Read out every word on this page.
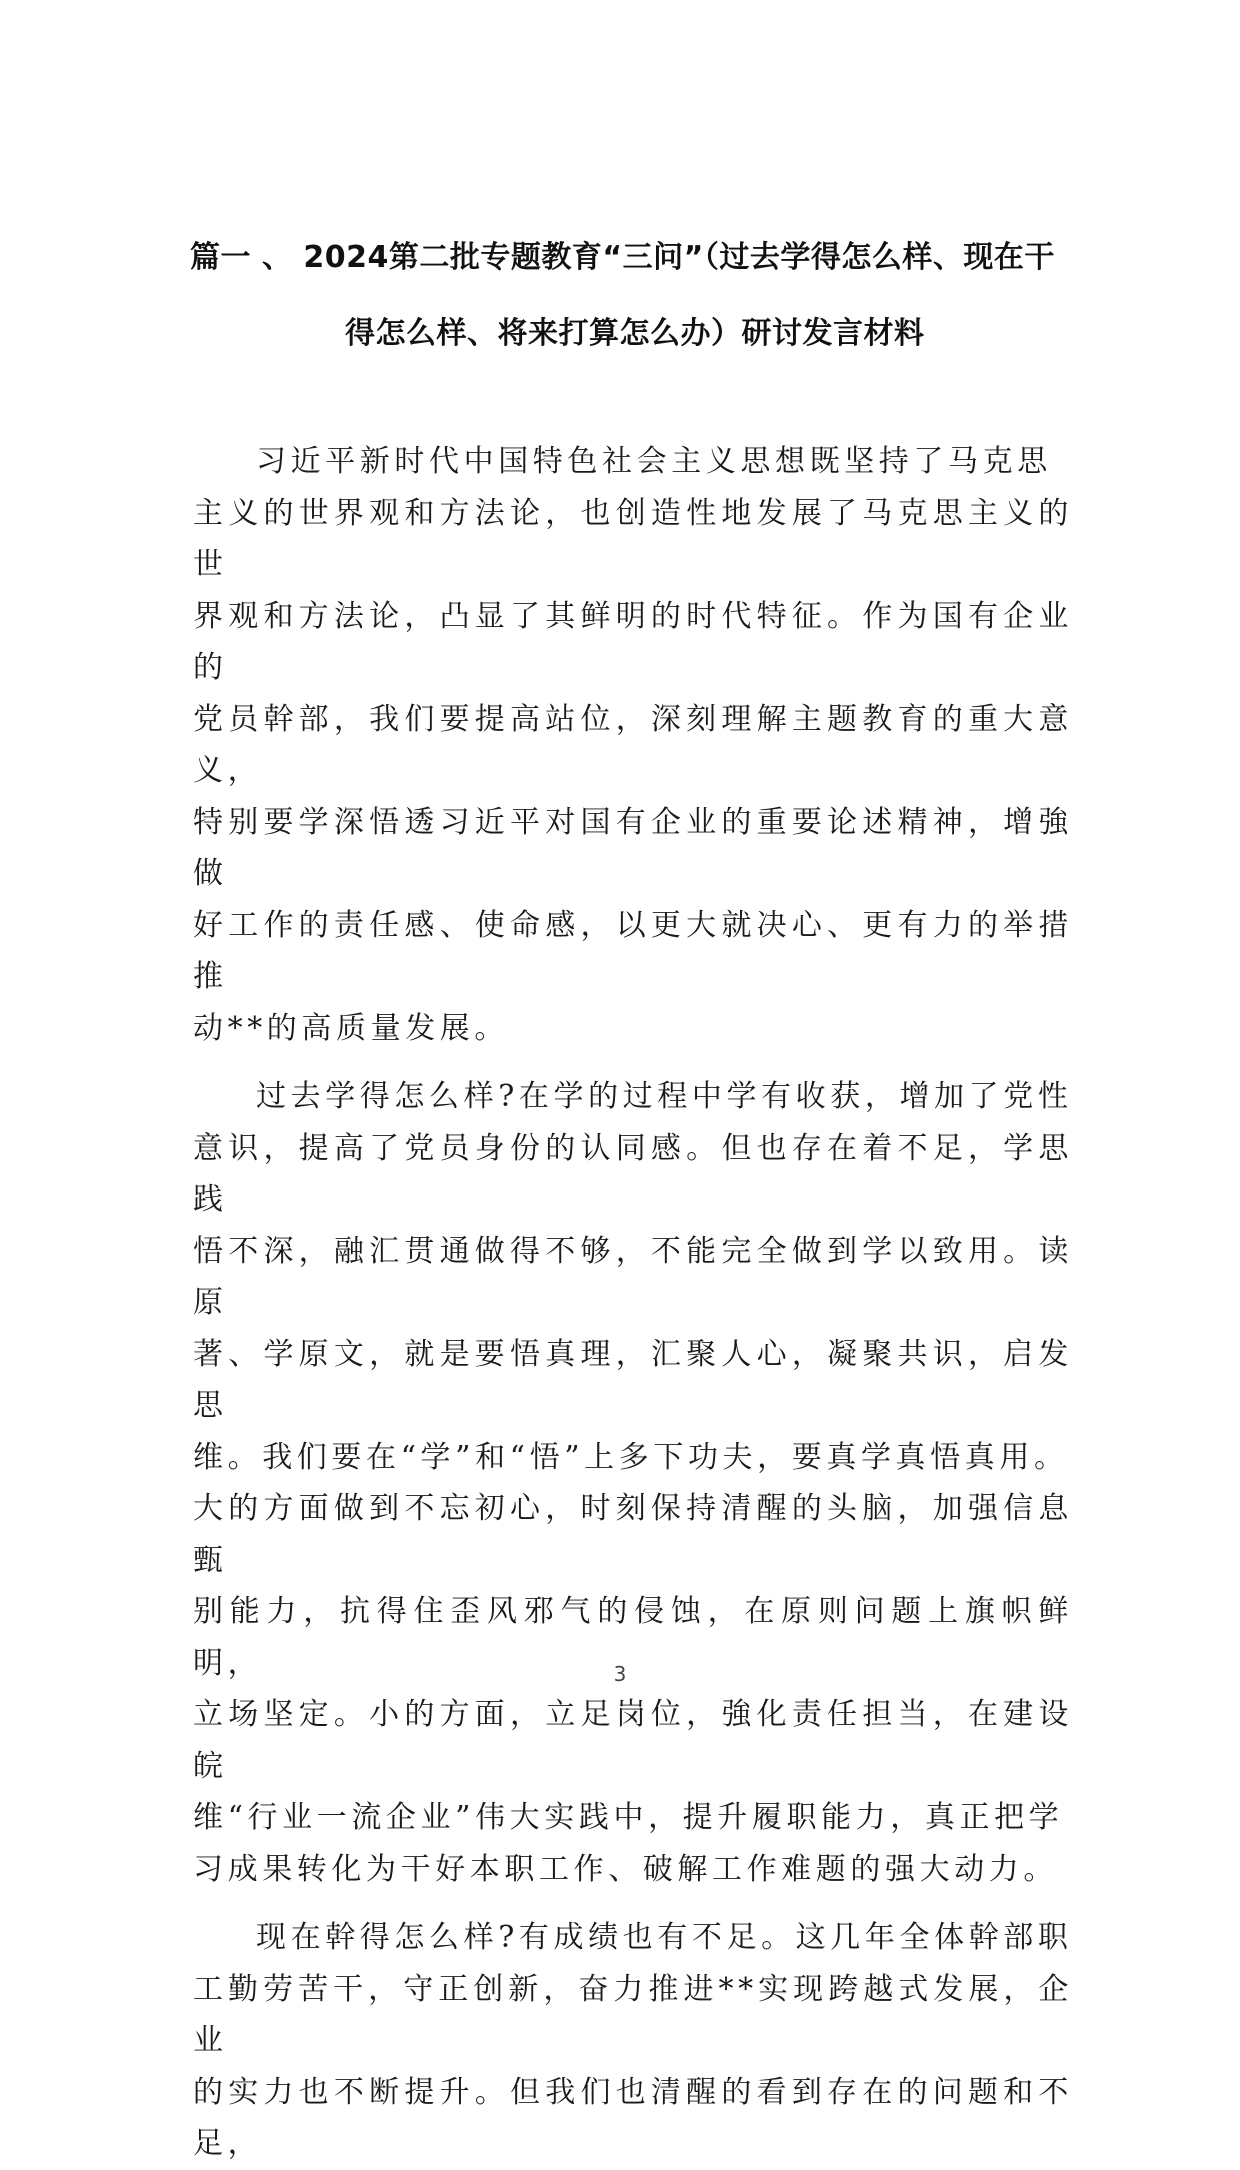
篇一 、 2024第二批专题教育“三问”（过去学得怎么样、现在干
得怎么样、将来打算怎么办）研讨发言材料

习近平新时代中国特色社会主义思想既坚持了马克思
主义的世界观和方法论，也创造性地发展了马克思主义的世
界观和方法论，凸显了其鲜明的时代特征。作为国有企业的
党员幹部，我们要提高站位，深刻理解主题教育的重大意义，
特别要学深悟透习近平对国有企业的重要论述精神，增強做
好工作的责任感、使命感，以更大就决心、更有力的举措推
动**的高质量发展。

过去学得怎么样?在学的过程中学有收获，增加了党性
意识，提高了党员身份的认同感。但也存在着不足，学思践
悟不深，融汇贯通做得不够，不能完全做到学以致用。读原
著、学原文，就是要悟真理，汇聚人心，凝聚共识，启发思
维。我们要在“学”和“悟”上多下功夫，要真学真悟真用。
大的方面做到不忘初心，时刻保持清醒的头脑，加强信息甄
别能力，抗得住歪风邪气的侵蚀，在原则问题上旗帜鲜明，
立场坚定。小的方面，立足岗位，強化责任担当，在建设皖
维“行业一流企业”伟大实践中，提升履职能力，真正把学
习成果转化为干好本职工作、破解工作难题的强大动力。

现在幹得怎么样?有成绩也有不足。这几年全体幹部职
工勤劳苦干，守正创新，奋力推进**实现跨越式发展，企业
的实力也不断提升。但我们也清醒的看到存在的问题和不足，

3
